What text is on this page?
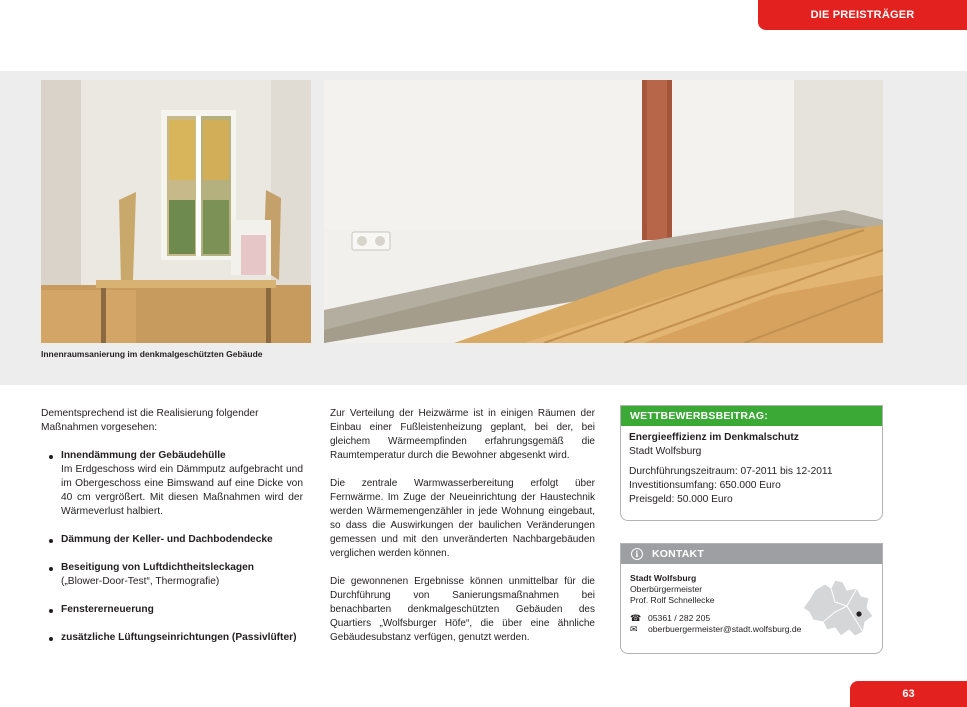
DIE PREISTRÄGER
Innenraumsanierung im denkmalgeschützten Gebäude

Dementsprechend ist die Realisierung folgender Maßnahmen vorgesehen:

Innendämmung der Gebäudehülle
Im Erdgeschoss wird ein Dämmputz aufgebracht und im Obergeschoss eine Bimswand auf eine Dicke von 40 cm vergrößert. Mit diesen Maßnahmen wird der Wärmeverlust halbiert.
Dämmung der Keller- und Dachbodendecke
Beseitigung von Luftdichtheitsleckagen
(„Blower-Door-Test“, Thermografie)
Fenstererneuerung
zusätzliche Lüftungseinrichtungen (Passivlüfter)

Zur Verteilung der Heizwärme ist in einigen Räumen der Einbau einer Fußleistenheizung geplant, bei der, bei gleichem Wärmeempfinden erfahrungsgemäß die Raumtemperatur durch die Bewohner abgesenkt wird.

Die zentrale Warmwasserbereitung erfolgt über Fernwärme. Im Zuge der Neueinrichtung der Haustechnik werden Wärmemengenzähler in jede Wohnung eingebaut, so dass die Auswirkungen der baulichen Veränderungen gemessen und mit den unveränderten Nachbargebäuden verglichen werden können.

Die gewonnenen Ergebnisse können unmittelbar für die Durchführung von Sanierungsmaßnahmen bei benachbarten denkmalgeschützten Gebäuden des Quartiers „Wolfsburger Höfe“, die über eine ähnliche Gebäudesubstanz verfügen, genutzt werden.

WETTBEWERBSBEITRAG:
Energieeffizienz im Denkmalschutz
Stadt Wolfsburg
Durchführungszeitraum: 07-2011 bis 12-2011
Investitionsumfang: 650.000 Euro
Preisgeld: 50.000 Euro
i	KONTAKT
Stadt Wolfsburg
Oberbürgermeister
Prof. Rolf Schnellecke
☎ 05361 / 282 205
✉	oberbuergermeister@stadt.wolfsburg.de
63
